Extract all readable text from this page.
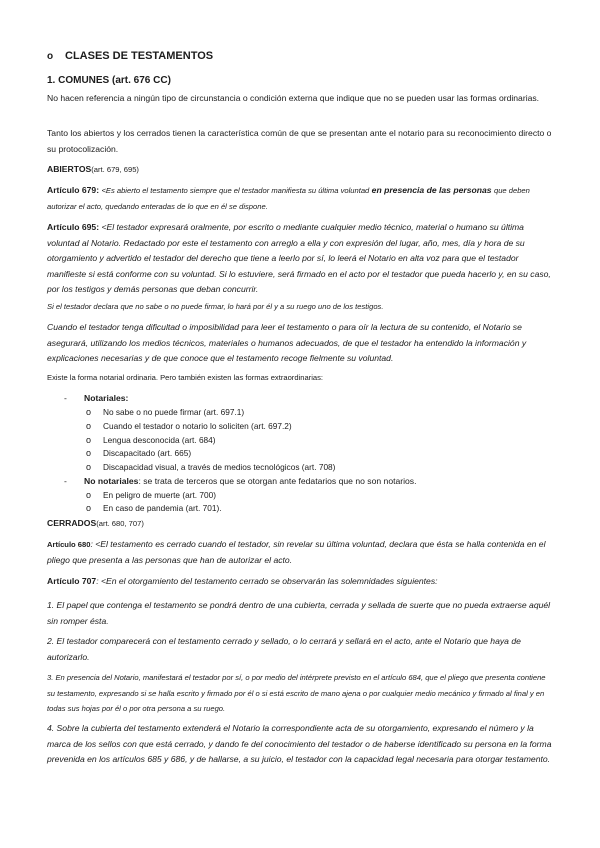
o CLASES DE TESTAMENTOS
1. COMUNES (art. 676 CC)
No hacen referencia a ningún tipo de circunstancia o condición externa que indique que no se pueden usar las formas ordinarias.
Tanto los abiertos y los cerrados tienen la característica común de que se presentan ante el notario para su reconocimiento directo o su protocolización.
ABIERTOS(art. 679, 695)
Artículo 679: <Es abierto el testamento siempre que el testador manifiesta su última voluntad en presencia de las personas que deben autorizar el acto, quedando enteradas de lo que en él se dispone.
Artículo 695: <El testador expresará oralmente, por escrito o mediante cualquier medio técnico, material o humano su última voluntad al Notario. Redactado por este el testamento con arreglo a ella y con expresión del lugar, año, mes, día y hora de su otorgamiento y advertido el testador del derecho que tiene a leerlo por sí, lo leerá el Notario en alta voz para que el testador manifieste si está conforme con su voluntad. Si lo estuviere, será firmado en el acto por el testador que pueda hacerlo y, en su caso, por los testigos y demás personas que deban concurrir.
Si el testador declara que no sabe o no puede firmar, lo hará por él y a su ruego uno de los testigos.
Cuando el testador tenga dificultad o imposibilidad para leer el testamento o para oír la lectura de su contenido, el Notario se asegurará, utilizando los medios técnicos, materiales o humanos adecuados, de que el testador ha entendido la información y explicaciones necesarias y de que conoce que el testamento recoge fielmente su voluntad.
Existe la forma notarial ordinaria. Pero también existen las formas extraordinarias:
- Notariales:
o No sabe o no puede firmar (art. 697.1)
o Cuando el testador o notario lo soliciten (art. 697.2)
o Lengua desconocida (art. 684)
o Discapacitado (art. 665)
o Discapacidad visual, a través de medios tecnológicos (art. 708)
- No notariales: se trata de terceros que se otorgan ante fedatarios que no son notarios.
o En peligro de muerte (art. 700)
o En caso de pandemia (art. 701).
CERRADOS(art. 680, 707)
Artículo 680: <El testamento es cerrado cuando el testador, sin revelar su última voluntad, declara que ésta se halla contenida en el pliego que presenta a las personas que han de autorizar el acto.
Artículo 707: <En el otorgamiento del testamento cerrado se observarán las solemnidades siguientes:
1. El papel que contenga el testamento se pondrá dentro de una cubierta, cerrada y sellada de suerte que no pueda extraerse aquél sin romper ésta.
2. El testador comparecerá con el testamento cerrado y sellado, o lo cerrará y sellará en el acto, ante el Notario que haya de autorizarlo.
3. En presencia del Notario, manifestará el testador por sí, o por medio del intérprete previsto en el artículo 684, que el pliego que presenta contiene su testamento, expresando si se halla escrito y firmado por él o si está escrito de mano ajena o por cualquier medio mecánico y firmado al final y en todas sus hojas por él o por otra persona a su ruego.
4. Sobre la cubierta del testamento extenderá el Notario la correspondiente acta de su otorgamiento, expresando el número y la marca de los sellos con que está cerrado, y dando fe del conocimiento del testador o de haberse identificado su persona en la forma prevenida en los artículos 685 y 686, y de hallarse, a su juicio, el testador con la capacidad legal necesaria para otorgar testamento.
